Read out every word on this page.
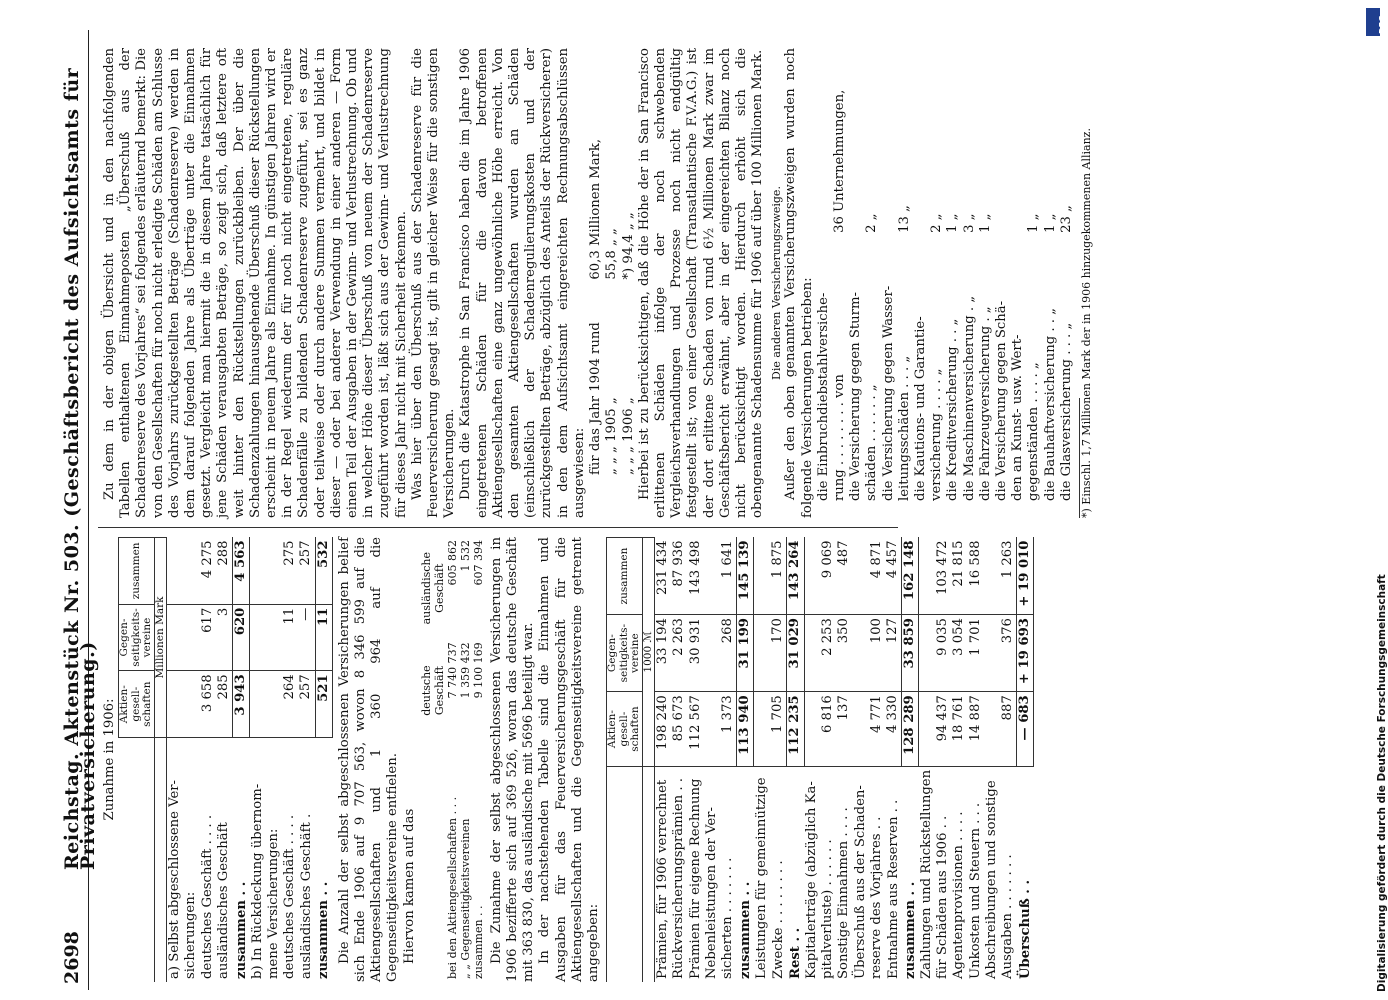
2698
Reichstag. Aktenstück Nr. 503. (Geschäftsbericht des Aufsichtsamts für Privatversicherung.) Zunahme in 1906:

	Aktien-gesell-schaften	Gegen-seitigkeits-vereine	zusammen
	Millionen Mark		
a) Selbst abgeschlossene Ver-			
sicherungen:			
deutsches Geschäft . . . .	3 658	617	4 275
ausländisches Geschäft	285	3	288
zusammen . .	3 943	620	4 563
b) In Rückdeckung übernom-			
mene Versicherungen:			
deutsches Geschäft . . . .	264	11	275
ausländisches Geschäft .	257	—	257
zusammen . .	521	11	532 Die Anzahl der selbst abgeschlossenen Versicherungen belief sich Ende 1906 auf 9 707 563, wovon 8 346 599 auf die Aktiengesellschaften und 1 360 964 auf die Gegenseitigkeitsvereine entfielen. Hiervon kamen auf das

	deutsche Geschäft	ausländische Geschäft
bei den Aktiengesellschaften . . .	7 740 737	605 862
„ „ Gegenseitigkeitsvereinen	1 359 432	1 532
zusammen . .	9 100 169	607 394 Die Zunahme der selbst abgeschlossenen Versicherungen in 1906 bezifferte sich auf 369 526, woran das deutsche Geschäft mit 363 830, das ausländische mit 5696 beteiligt war. In der nachstehenden Tabelle sind die Einnahmen und Ausgaben für das Feuerversicherungsgeschäft für die Aktiengesellschaften und die Gegenseitigkeitsvereine getrennt angegeben:

	Aktien-gesell-schaften	Gegen-seitigkeits-vereine	zusammen
	1000 ℳ		
Prämien, für 1906 verrechnet	198 240	33 194	231 434
Rückversicherungsprämien . .	85 673	2 263	87 936
Prämien für eigene Rechnung	112 567	30 931	143 498
Nebenleistungen der Ver-			
sicherten . . . . . . .	1 373	268	1 641
zusammen . .	113 940	31 199	145 139
Leistungen für gemeinnützige			
Zwecke . . . . . . . .	1 705	170	1 875
Rest . .	112 235	31 029	143 264
Kapitalerträge (abzüglich Ka-			
pitalverluste) . . . . . .	6 816	2 253	9 069
Sonstige Einnahmen . . . .	137	350	487
Überschuß aus der Schaden-			
reserve des Vorjahres . .	4 771	100	4 871
Entnahme aus Reserven . .	4 330	127	4 457
zusammen . .	128 289	33 859	162 148
Zahlungen und Rückstellungen			
für Schäden aus 1906 . .	94 437	9 035	103 472
Agentenprovisionen . . . .	18 761	3 054	21 815
Unkosten und Steuern . . .	14 887	1 701	16 588
Abschreibungen und sonstige			
Ausgaben . . . . . . .	887	376	1 263
Überschuß . .	— 683	+ 19 693	+ 19 010

Zu dem in der obigen Übersicht und in den nachfolgenden Tabellen enthaltenen Einnahmeposten „Überschuß aus der Schadenreserve des Vorjahres“ sei folgendes erläuternd bemerkt: Die von den Gesellschaften für noch nicht erledigte Schäden am Schlusse des Vorjahrs zurückgestellten Beträge (Schadenreserve) werden in dem darauf folgenden Jahre als Überträge unter die Einnahmen gesetzt. Vergleicht man hiermit die in diesem Jahre tatsächlich für jene Schäden verausgabten Beträge, so zeigt sich, daß letztere oft weit hinter den Rückstellungen zurückbleiben. Der über die Schadenzahlungen hinausgehende Überschuß dieser Rückstellungen erscheint in neuem Jahre als Einnahme. In günstigen Jahren wird er in der Regel wiederum der für noch nicht eingetretene, reguläre Schadenfälle zu bildenden Schadenreserve zugeführt, sei es ganz oder teilweise oder durch andere Summen vermehrt, und bildet in dieser — oder bei anderer Verwendung in einer anderen — Form einen Teil der Ausgaben in der Gewinn- und Verlustrechnung. Ob und in welcher Höhe dieser Überschuß von neuem der Schadenreserve zugeführt worden ist, läßt sich aus der Gewinn- und Verlustrechnung für dieses Jahr nicht mit Sicherheit erkennen. Was hier über den Überschuß aus der Schadenreserve für die Feuerversicherung gesagt ist, gilt in gleicher Weise für die sonstigen Versicherungen. Durch die Katastrophe in San Francisco haben die im Jahre 1906 eingetretenen Schäden für die davon betroffenen Aktiengesellschaften eine ganz ungewöhnliche Höhe erreicht. Von den gesamten Aktiengesellschaften wurden an Schäden (einschließlich der Schadenregulierungskosten und der zurückgestellten Beträge, abzüglich des Anteils der Rückversicherer) in den dem Aufsichtsamt eingereichten Rechnungsabschlüssen ausgewiesen: für das Jahr 1904 rund	60,3 Millionen Mark,
„ „ „ 1905 „	55,8 „ „
„ „ „ 1906 „	*) 94,4 „ „ Hierbei ist zu berücksichtigen, daß die Höhe der in San Francisco erlittenen Schäden infolge der noch schwebenden Vergleichsverhandlungen und Prozesse noch nicht endgültig festgestellt ist; von einer Gesellschaft (Transatlantische F.V.A.G.) ist der dort erlittene Schaden von rund 6½ Millionen Mark zwar im Geschäftsbericht erwähnt, aber in der eingereichten Bilanz noch nicht berücksichtigt worden. Hierdurch erhöht sich die obengenannte Schadensumme für 1906 auf über 100 Millionen Mark. Die anderen Versicherungszweige. Außer den oben genannten Versicherungszweigen wurden noch folgende Versicherungen betrieben: die Einbruchdiebstahlversiche-	
rung . . . . . . . . von	36 Unternehmungen,
die Versicherung gegen Sturm-	
schäden . . . . . . „	2 „
die Versicherung gegen Wasser-	
leitungsschäden . . . „	13 „
die Kautions- und Garantie-	
versicherung . . . . „	2 „
die Kreditversicherung . . „	1 „
die Maschinenversicherung . „	3 „
die Fahrzeugversicherung . „	1 „
die Versicherung gegen Schä-	
den an Kunst- usw. Wert-	
gegenständen . . . . „	1 „
die Bauhaftversicherung . . „	1 „
die Glasversicherung . . . „	23 „ *) Einschl. 1,7 Millionen Mark der in 1906 hinzugekommenen Allianz.

Digitalisierung gefördert durch die Deutsche Forschungsgemeinschaft
DFG
